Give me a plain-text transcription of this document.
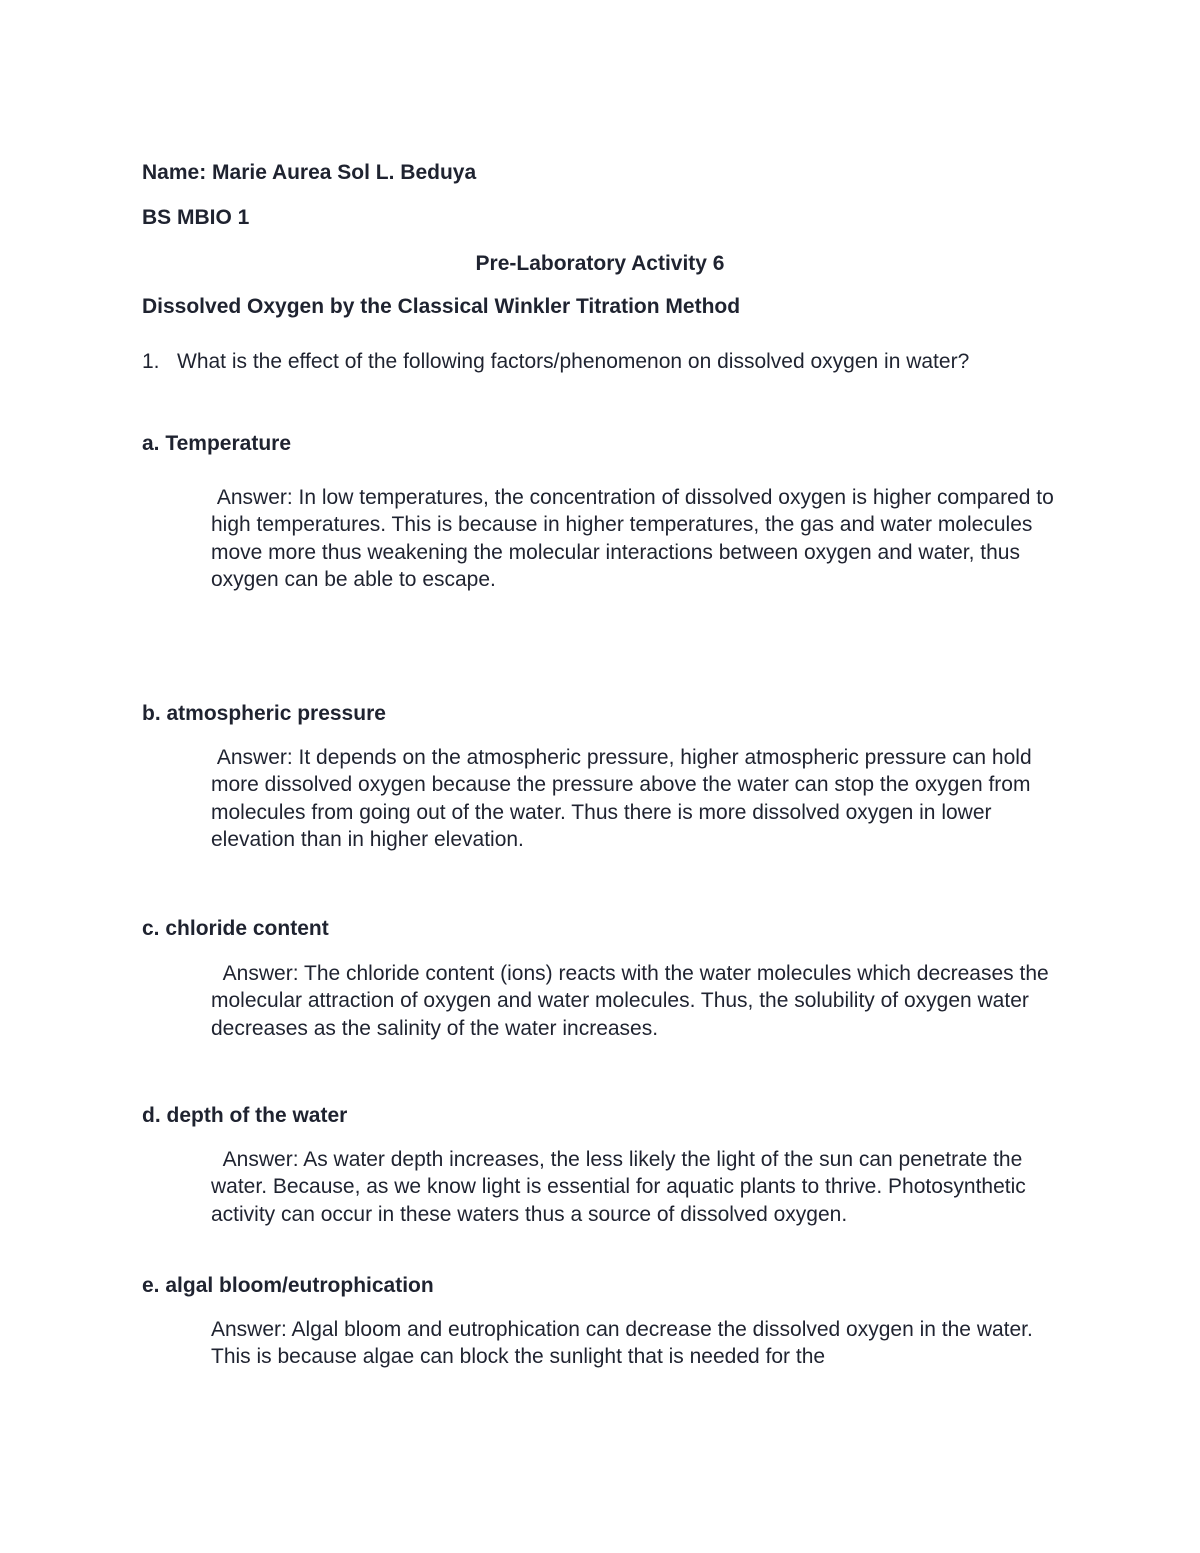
Name: Marie Aurea Sol L. Beduya
BS MBIO 1
Pre-Laboratory Activity 6
Dissolved Oxygen by the Classical Winkler Titration Method
1. What is the effect of the following factors/phenomenon on dissolved oxygen in water?
a. Temperature
Answer: In low temperatures, the concentration of dissolved oxygen is higher compared to high temperatures. This is because in higher temperatures, the gas and water molecules move more thus weakening the molecular interactions between oxygen and water, thus oxygen can be able to escape.
b. atmospheric pressure
Answer: It depends on the atmospheric pressure, higher atmospheric pressure can hold more dissolved oxygen because the pressure above the water can stop the oxygen from molecules from going out of the water. Thus there is more dissolved oxygen in lower elevation than in higher elevation.
c. chloride content
Answer: The chloride content (ions) reacts with the water molecules which decreases the molecular attraction of oxygen and water molecules. Thus, the solubility of oxygen water decreases as the salinity of the water increases.
d. depth of the water
Answer: As water depth increases, the less likely the light of the sun can penetrate the water. Because, as we know light is essential for aquatic plants to thrive. Photosynthetic activity can occur in these waters thus a source of dissolved oxygen.
e. algal bloom/eutrophication
Answer: Algal bloom and eutrophication can decrease the dissolved oxygen in the water. This is because algae can block the sunlight that is needed for the
